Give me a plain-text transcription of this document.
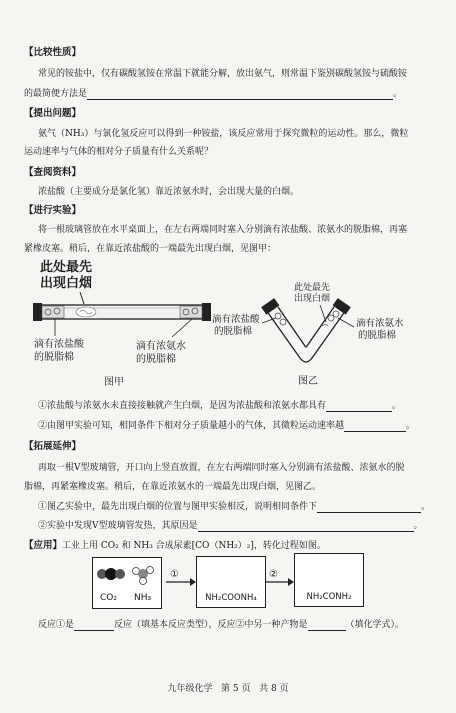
【比较性质】
常见的铵盐中，仅有碳酸氢铵在常温下就能分解，放出氨气，则常温下鉴别碳酸氢铵与硫酸铵
的最简便方法是	。
【提出问题】
氨气（NH₃）与氯化氢反应可以得到一种铵盐，该反应常用于探究微粒的运动性。那么，微粒
运动速率与气体的相对分子质量有什么关系呢？
【查阅资料】
浓盐酸（主要成分是氯化氢）靠近浓氨水时，会出现大量的白烟。
【进行实验】
将一根玻璃管放在水平桌面上，在左右两端同时塞入分别滴有浓盐酸、浓氨水的脱脂棉，再塞
紧橡皮塞。稍后，在靠近浓盐酸的一端最先出现白烟，见图甲：
此处最先
出现白烟
滴有浓盐酸
的脱脂棉
滴有浓氨水
的脱脂棉
图甲
此处最先
出现白烟
滴有浓盐酸
的脱脂棉
滴有浓氨水
的脱脂棉
图乙
①浓盐酸与浓氨水未直接接触就产生白烟，是因为浓盐酸和浓氨水都具有	。
②由图甲实验可知，相同条件下相对分子质量越小的气体，其微粒运动速率越	。
【拓展延伸】
再取一根V型玻璃管，开口向上竖直放置，在左右两端同时塞入分别滴有浓盐酸、浓氨水的脱
脂棉，再紧塞橡皮塞。稍后，在靠近浓氨水的一端最先出现白烟，见图乙。
①图乙实验中，最先出现白烟的位置与图甲实验相反，说明相同条件下	。
②实验中发现V型玻璃管发热，其原因是	。
【应用】工业上用 CO₂ 和 NH₃ 合成尿素[CO（NH₂）₂]，转化过程如图。
CO₂ NH₃
①
NH₂COONH₄
②
NH₂CONH₂
反应①是	反应（填基本反应类型），反应②中另一种产物是	（填化学式）。
九年级化学 第 5 页 共 8 页
